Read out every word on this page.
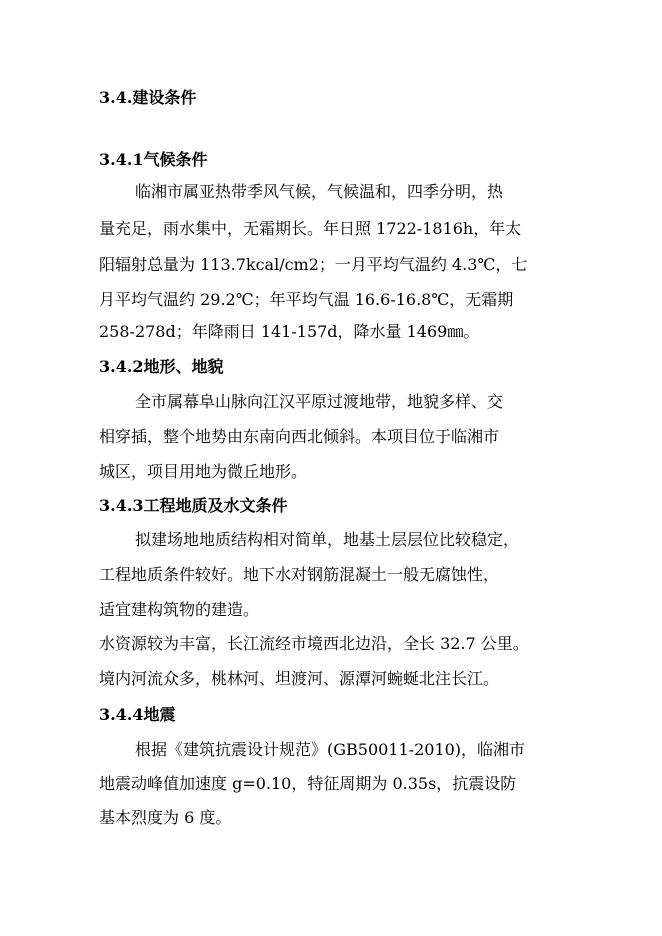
3.4.建设条件
3.4.1气候条件
临湘市属亚热带季风气候，气候温和，四季分明，热
量充足，雨水集中，无霜期长。年日照 1722-1816h，年太
阳辐射总量为 113.7kcal/cm2；一月平均气温约 4.3℃，七
月平均气温约 29.2℃；年平均气温 16.6-16.8℃，无霜期
258-278d；年降雨日 141-157d，降水量 1469㎜。
3.4.2地形、地貌
全市属幕阜山脉向江汉平原过渡地带，地貌多样、交
相穿插，整个地势由东南向西北倾斜。本项目位于临湘市
城区，项目用地为微丘地形。
3.4.3工程地质及水文条件
拟建场地地质结构相对简单，地基土层层位比较稳定，
工程地质条件较好。地下水对钢筋混凝土一般无腐蚀性，
适宜建构筑物的建造。
水资源较为丰富，长江流经市境西北边沿，全长 32.7 公里。
境内河流众多，桃林河、坦渡河、源潭河蜿蜒北注长江。
3.4.4地震
根据《建筑抗震设计规范》(GB50011-2010)，临湘市
地震动峰值加速度 g=0.10，特征周期为 0.35s，抗震设防
基本烈度为 6 度。
